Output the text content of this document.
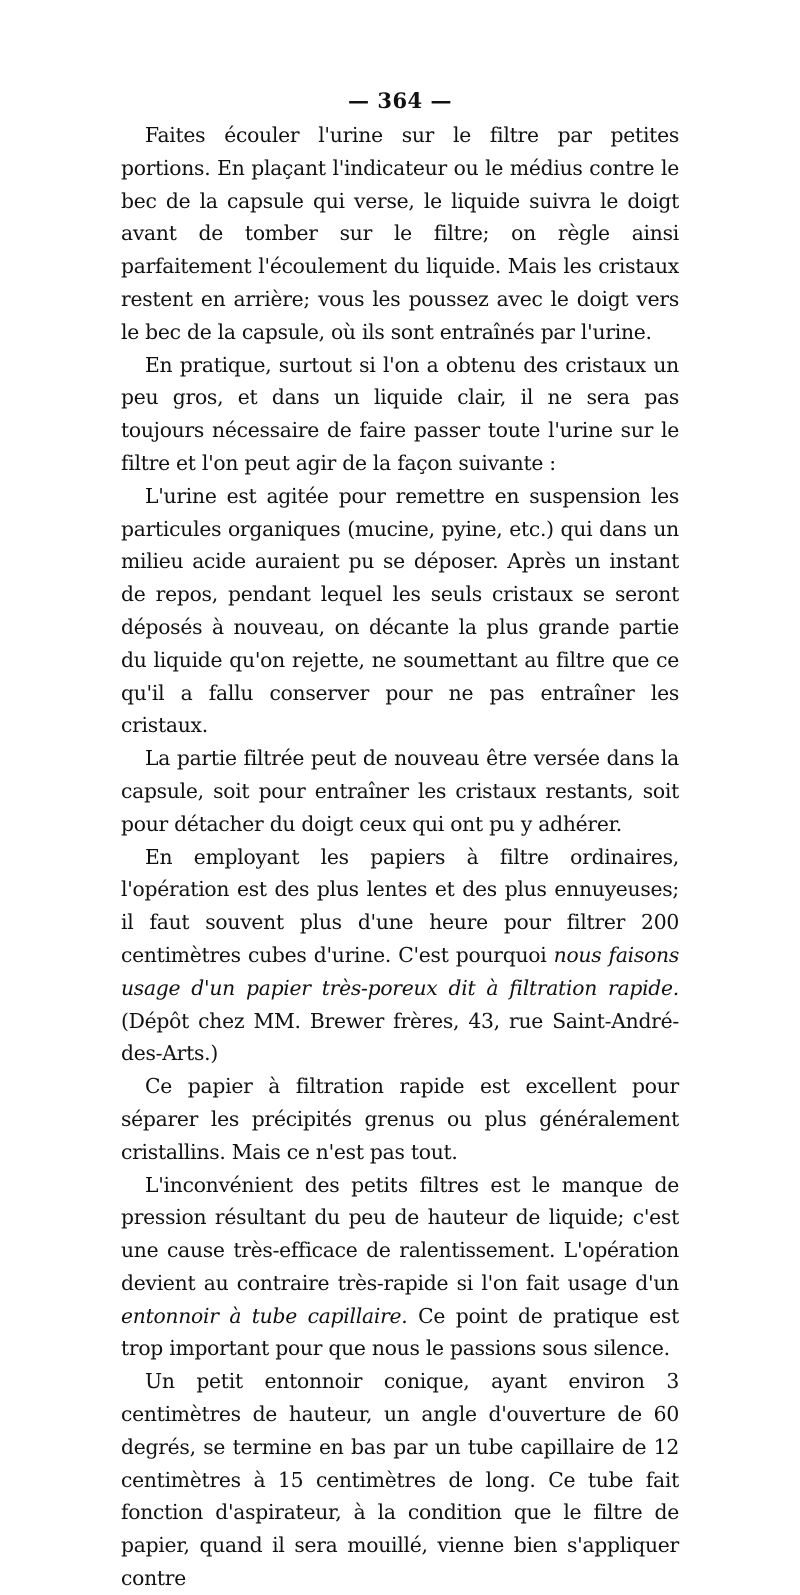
— 364 —

Faites écouler l'urine sur le filtre par petites portions. En plaçant l'indicateur ou le médius contre le bec de la capsule qui verse, le liquide suivra le doigt avant de tomber sur le filtre; on règle ainsi parfaitement l'écoulement du liquide. Mais les cristaux restent en arrière; vous les poussez avec le doigt vers le bec de la capsule, où ils sont entraînés par l'urine.

En pratique, surtout si l'on a obtenu des cristaux un peu gros, et dans un liquide clair, il ne sera pas toujours nécessaire de faire passer toute l'urine sur le filtre et l'on peut agir de la façon suivante :

L'urine est agitée pour remettre en suspension les particules organiques (mucine, pyine, etc.) qui dans un milieu acide auraient pu se déposer. Après un instant de repos, pendant lequel les seuls cristaux se seront déposés à nouveau, on décante la plus grande partie du liquide qu'on rejette, ne soumettant au filtre que ce qu'il a fallu conserver pour ne pas entraîner les cristaux.

La partie filtrée peut de nouveau être versée dans la capsule, soit pour entraîner les cristaux restants, soit pour détacher du doigt ceux qui ont pu y adhérer.

En employant les papiers à filtre ordinaires, l'opération est des plus lentes et des plus ennuyeuses; il faut souvent plus d'une heure pour filtrer 200 centimètres cubes d'urine. C'est pourquoi nous faisons usage d'un papier très-poreux dit à filtration rapide. (Dépôt chez MM. Brewer frères, 43, rue Saint-André-des-Arts.)

Ce papier à filtration rapide est excellent pour séparer les précipités grenus ou plus généralement cristallins. Mais ce n'est pas tout.

L'inconvénient des petits filtres est le manque de pression résultant du peu de hauteur de liquide; c'est une cause très-efficace de ralentissement. L'opération devient au contraire très-rapide si l'on fait usage d'un entonnoir à tube capillaire. Ce point de pratique est trop important pour que nous le passions sous silence.

Un petit entonnoir conique, ayant environ 3 centimètres de hauteur, un angle d'ouverture de 60 degrés, se termine en bas par un tube capillaire de 12 centimètres à 15 centimètres de long. Ce tube fait fonction d'aspirateur, à la condition que le filtre de papier, quand il sera mouillé, vienne bien s'appliquer contre
